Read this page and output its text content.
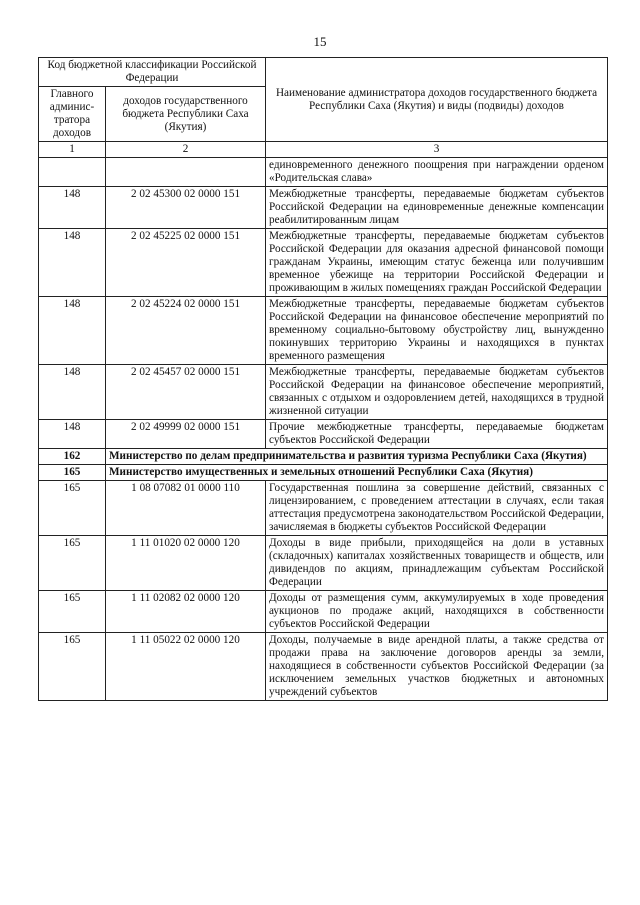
15
Код бюджетной классификации Российской Федерации		Наименование администратора доходов государственного бюджета Республики Саха (Якутия) и виды (подвиды) доходов
Главного админис-тратора доходов	доходов государственного бюджета Республики Саха (Якутия)	
1	2	3
		единовременного денежного поощрения при награждении орденом «Родительская слава»
148	2 02 45300 02 0000 151	Межбюджетные трансферты, передаваемые бюджетам субъектов Российской Федерации на единовременные денежные компенсации реабилитированным лицам
148	2 02 45225 02 0000 151	Межбюджетные трансферты, передаваемые бюджетам субъектов Российской Федерации для оказания адресной финансовой помощи гражданам Украины, имеющим статус беженца или получившим временное убежище на территории Российской Федерации и проживающим в жилых помещениях граждан Российской Федерации
148	2 02 45224 02 0000 151	Межбюджетные трансферты, передаваемые бюджетам субъектов Российской Федерации на финансовое обеспечение мероприятий по временному социально-бытовому обустройству лиц, вынужденно покинувших территорию Украины и находящихся в пунктах временного размещения
148	2 02 45457 02 0000 151	Межбюджетные трансферты, передаваемые бюджетам субъектов Российской Федерации на финансовое обеспечение мероприятий, связанных с отдыхом и оздоровлением детей, находящихся в трудной жизненной ситуации
148	2 02 49999 02 0000 151	Прочие межбюджетные трансферты, передаваемые бюджетам субъектов Российской Федерации
162	Министерство по делам предпринимательства и развития туризма Республики Саха (Якутия)	
165	Министерство имущественных и земельных отношений Республики Саха (Якутия)	
165	1 08 07082 01 0000 110	Государственная пошлина за совершение действий, связанных с лицензированием, с проведением аттестации в случаях, если такая аттестация предусмотрена законодательством Российской Федерации, зачисляемая в бюджеты субъектов Российской Федерации
165	1 11 01020 02 0000 120	Доходы в виде прибыли, приходящейся на доли в уставных (складочных) капиталах хозяйственных товариществ и обществ, или дивидендов по акциям, принадлежащим субъектам Российской Федерации
165	1 11 02082 02 0000 120	Доходы от размещения сумм, аккумулируемых в ходе проведения аукционов по продаже акций, находящихся в собственности субъектов Российской Федерации
165	1 11 05022 02 0000 120	Доходы, получаемые в виде арендной платы, а также средства от продажи права на заключение договоров аренды за земли, находящиеся в собственности субъектов Российской Федерации (за исключением земельных участков бюджетных и автономных учреждений субъектов
